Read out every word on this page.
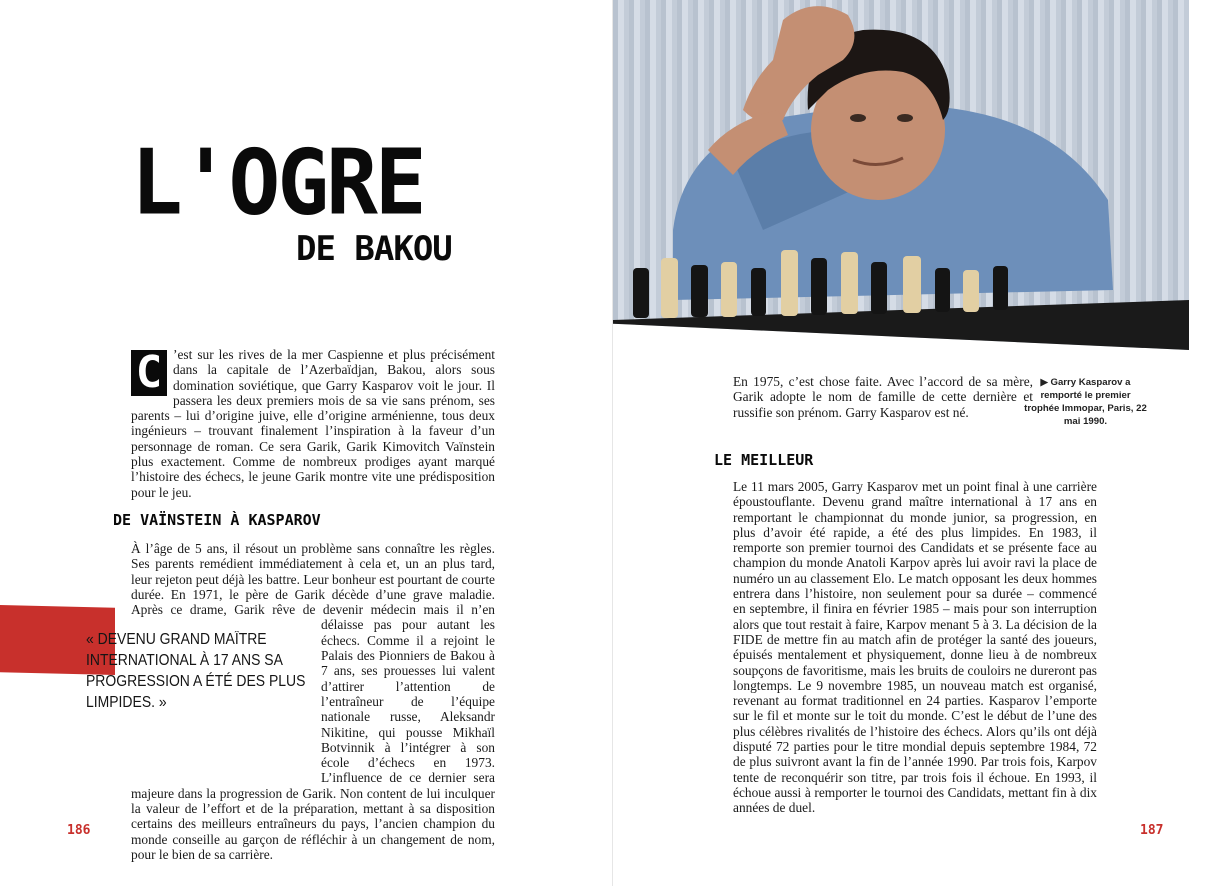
L'OGRE
DE BAKOU
C ’est sur les rives de la mer Caspienne et plus précisément dans la capitale de l’Azerbaïdjan, Bakou, alors sous domination soviétique, que Garry Kasparov voit le jour. Il passera les deux premiers mois de sa vie sans prénom, ses parents – lui d’origine juive, elle d’origine arménienne, tous deux ingénieurs – trouvant finalement l’inspiration à la faveur d’un personnage de roman. Ce sera Garik, Garik Kimovitch Vaïnstein plus exactement. Comme de nombreux prodiges ayant marqué l’histoire des échecs, le jeune Garik montre vite une prédisposition pour le jeu.
DE VAÏNSTEIN À KASPAROV
À l’âge de 5 ans, il résout un problème sans connaître les règles. Ses parents remédient immédiatement à cela et, un an plus tard, leur rejeton peut déjà les battre. Leur bonheur est pourtant de courte durée. En 1971, le père de Garik décède d’une grave maladie. Après ce drame, Garik rêve de devenir médecin mais il n’en délaisse pas pour autant les échecs. Comme il a rejoint le Palais des Pionniers de Bakou à 7 ans, ses prouesses lui valent d’attirer l’attention de l’entraîneur de l’équipe nationale russe, Aleksandr Nikitine, qui pousse Mikhaïl Botvinnik à l’intégrer à son école d’échecs en 1973. L’influence de ce dernier sera majeure dans la progression de Garik. Non content de lui inculquer la valeur de l’effort et de la préparation, mettant à sa disposition certains des meilleurs entraîneurs du pays, l’ancien champion du monde conseille au garçon de réfléchir à un changement de nom, pour le bien de sa carrière.
« DEVENU GRAND MAÎTRE INTERNATIONAL À 17 ANS SA PROGRESSION A ÉTÉ DES PLUS LIMPIDES. »
186
En 1975, c’est chose faite. Avec l’accord de sa mère, Garik adopte le nom de famille de cette dernière et russifie son prénom. Garry Kasparov est né.
▶ Garry Kasparov a remporté le premier trophée Immopar, Paris, 22 mai 1990.
LE MEILLEUR
Le 11 mars 2005, Garry Kasparov met un point final à une carrière époustouflante. Devenu grand maître international à 17 ans en remportant le championnat du monde junior, sa progression, en plus d’avoir été rapide, a été des plus limpides. En 1983, il remporte son premier tournoi des Candidats et se présente face au champion du monde Anatoli Karpov après lui avoir ravi la place de numéro un au classement Elo. Le match opposant les deux hommes entrera dans l’histoire, non seulement pour sa durée – commencé en septembre, il finira en février 1985 – mais pour son interruption alors que tout restait à faire, Karpov menant 5 à 3. La décision de la FIDE de mettre fin au match afin de protéger la santé des joueurs, épuisés mentalement et physiquement, donne lieu à de nombreux soupçons de favoritisme, mais les bruits de couloirs ne dureront pas longtemps. Le 9 novembre 1985, un nouveau match est organisé, revenant au format traditionnel en 24 parties. Kasparov l’emporte sur le fil et monte sur le toit du monde. C’est le début de l’une des plus célèbres rivalités de l’histoire des échecs. Alors qu’ils ont déjà disputé 72 parties pour le titre mondial depuis septembre 1984, 72 de plus suivront avant la fin de l’année 1990. Par trois fois, Karpov tente de reconquérir son titre, par trois fois il échoue. En 1993, il échoue aussi à remporter le tournoi des Candidats, mettant fin à dix années de duel.
187
